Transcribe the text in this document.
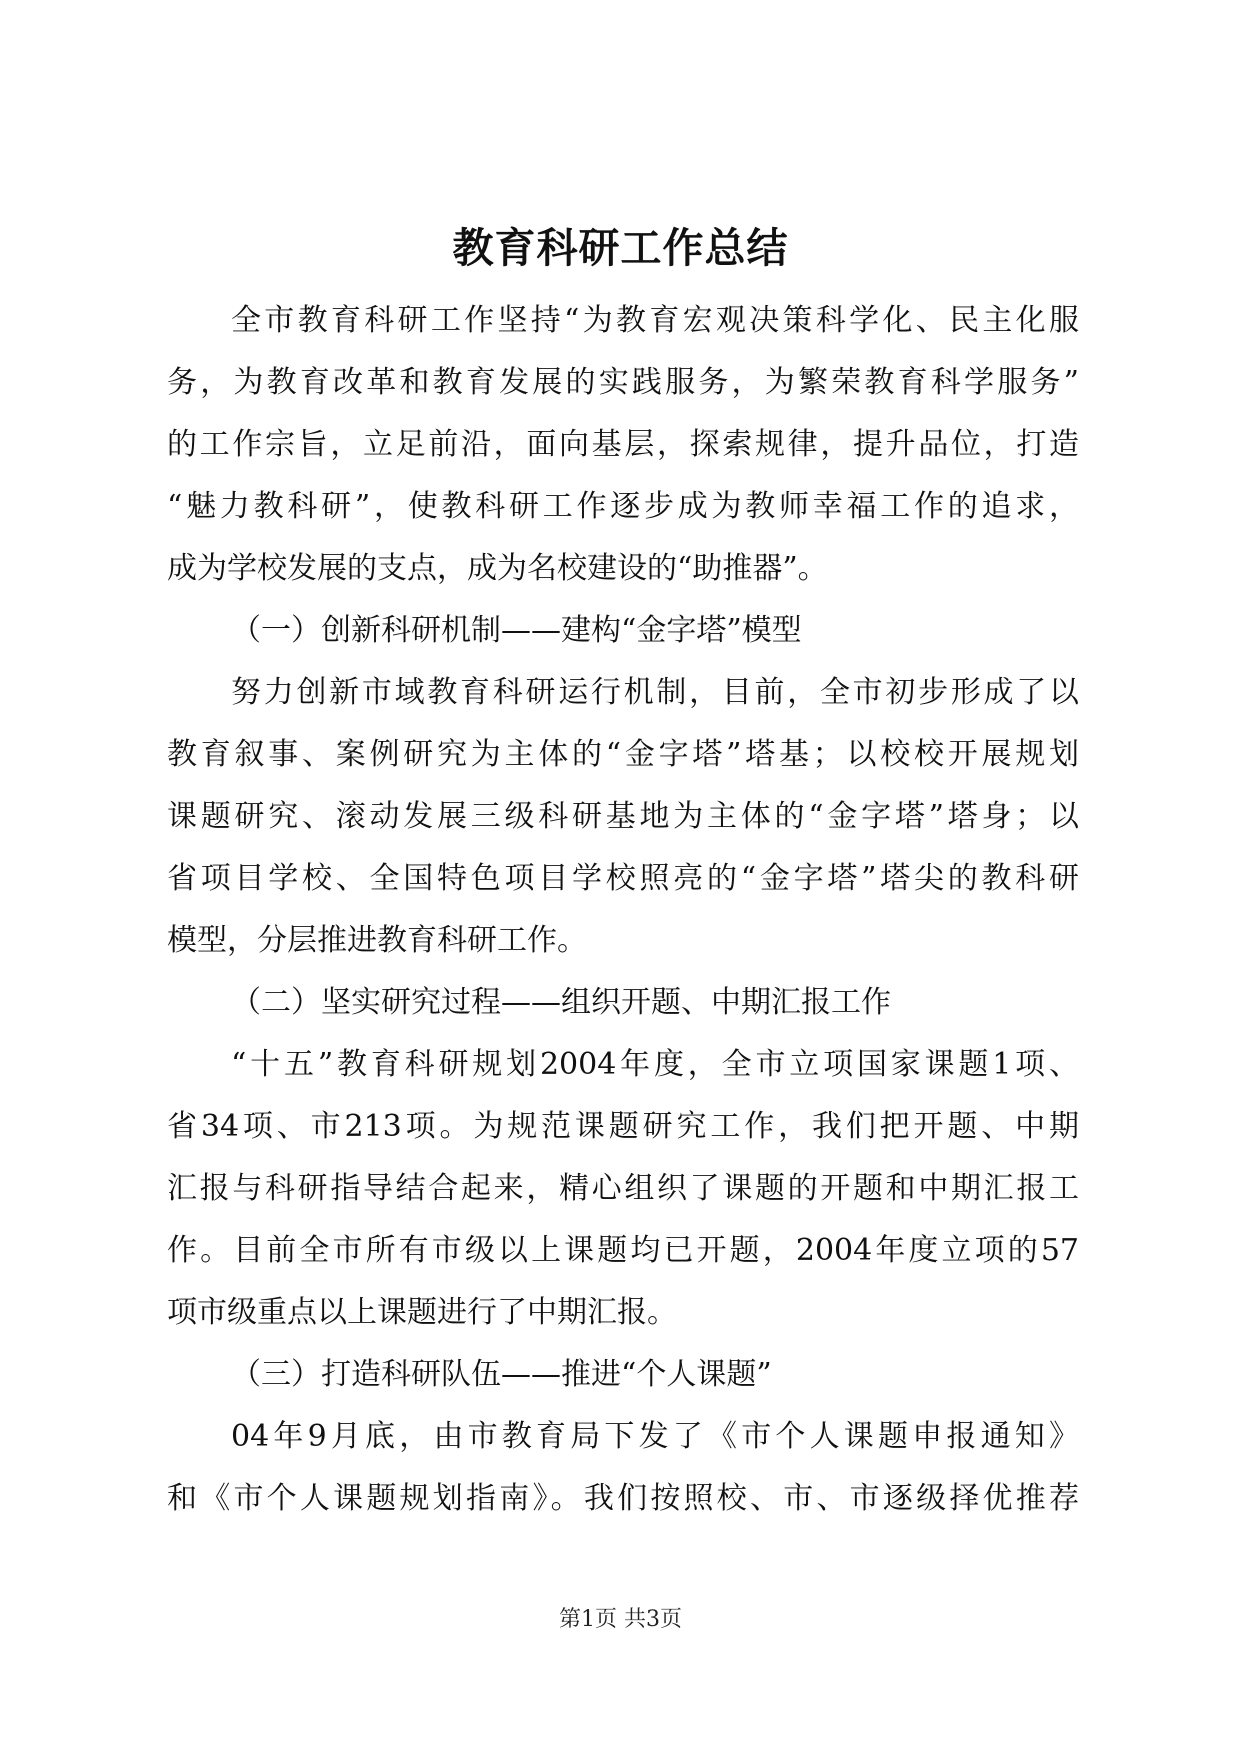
教育科研工作总结
全市教育科研工作坚持“为教育宏观决策科学化、民主化服
务，为教育改革和教育发展的实践服务，为繁荣教育科学服务”
的工作宗旨，立足前沿，面向基层，探索规律，提升品位，打造
“魅力教科研”，使教科研工作逐步成为教师幸福工作的追求，
成为学校发展的支点，成为名校建设的“助推器”。
（一）创新科研机制——建构“金字塔”模型
努力创新市域教育科研运行机制，目前，全市初步形成了以
教育叙事、案例研究为主体的“金字塔”塔基；以校校开展规划
课题研究、滚动发展三级科研基地为主体的“金字塔”塔身；以
省项目学校、全国特色项目学校照亮的“金字塔”塔尖的教科研
模型，分层推进教育科研工作。
（二）坚实研究过程——组织开题、中期汇报工作
“十五”教育科研规划2004年度，全市立项国家课题1项、
省34项、市213项。为规范课题研究工作，我们把开题、中期
汇报与科研指导结合起来，精心组织了课题的开题和中期汇报工
作。目前全市所有市级以上课题均已开题，2004年度立项的57
项市级重点以上课题进行了中期汇报。
（三）打造科研队伍——推进“个人课题”
04年9月底，由市教育局下发了《市个人课题申报通知》
和《市个人课题规划指南》。我们按照校、市、市逐级择优推荐
第1页 共3页
